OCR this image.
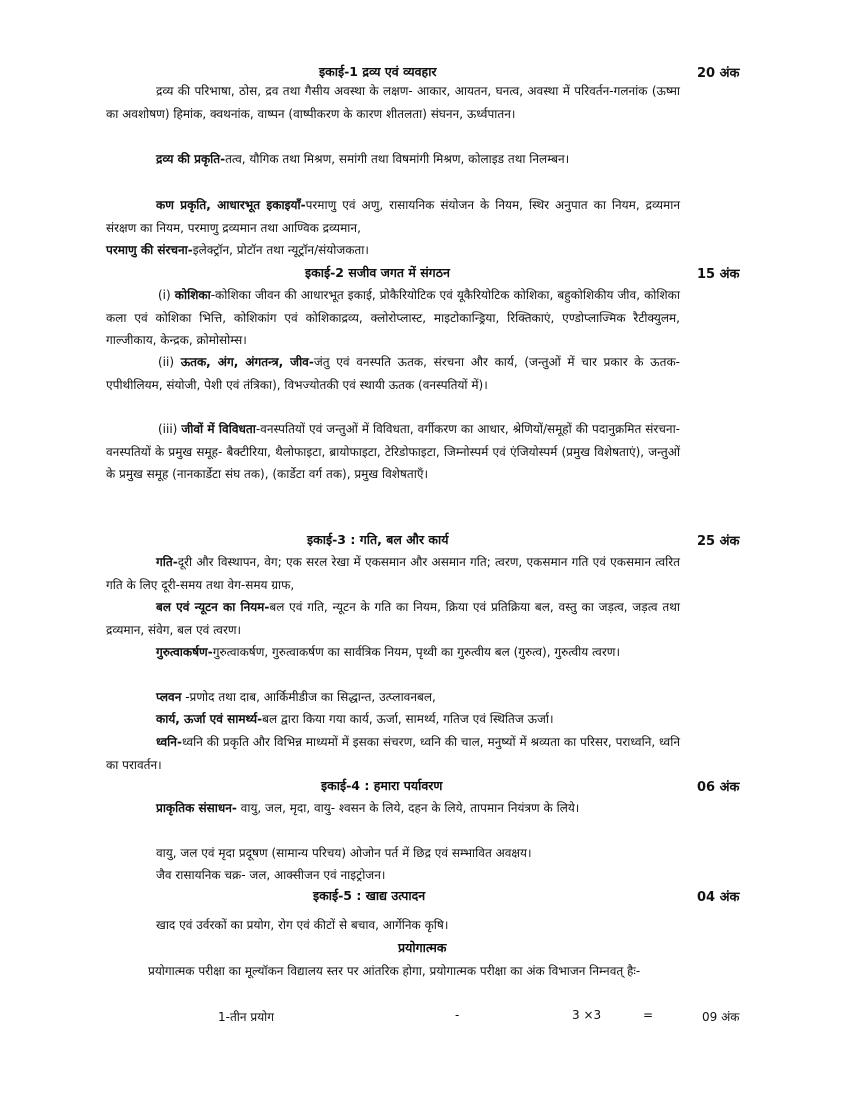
इकाई-1 द्रव्य एवं व्यवहार	20 अंक
द्रव्य की परिभाषा, ठोस, द्रव तथा गैसीय अवस्था के लक्षण- आकार, आयतन, घनत्व, अवस्था में परिवर्तन-गलनांक (ऊष्मा का अवशोषण) हिमांक, क्वथनांक, वाष्पन (वाष्पीकरण के कारण शीतलता) संघनन, ऊर्ध्वपातन।
द्रव्य की प्रकृति-तत्व, यौगिक तथा मिश्रण, समांगी तथा विषमांगी मिश्रण, कोलाइड तथा निलम्बन।
कण प्रकृति, आधारभूत इकाइयाँ-परमाणु एवं अणु, रासायनिक संयोजन के नियम, स्थिर अनुपात का नियम, द्रव्यमान संरक्षण का नियम, परमाणु द्रव्यमान तथा आण्विक द्रव्यमान,
परमाणु की संरचना-इलेक्ट्रॉन, प्रोटॉन तथा न्यूट्रॉन/संयोजकता।
इकाई-2 सजीव जगत में संगठन	15 अंक
(i) कोशिका-कोशिका जीवन की आधारभूत इकाई, प्रोकैरियोटिक एवं यूकैरियोटिक कोशिका, बहुकोशिकीय जीव, कोशिका कला एवं कोशिका भित्ति, कोशिकांग एवं कोशिकाद्रव्य, क्लोरोप्लास्ट, माइटोकान्ड्रिया, रिक्तिकाएं, एण्डोप्लाज्मिक रैटीक्युलम, गाल्जीकाय, केन्द्रक, क्रोमोसोम्स।
(ii) ऊतक, अंग, अंगतन्त्र, जीव-जंतु एवं वनस्पति ऊतक, संरचना और कार्य, (जन्तुओं में चार प्रकार के ऊतक- एपीथीलियम, संयोजी, पेशी एवं तंत्रिका), विभज्योतकी एवं स्थायी ऊतक (वनस्पतियों में)।
(iii) जीवों में विविधता-वनस्पतियों एवं जन्तुओं में विविधता, वर्गीकरण का आधार, श्रेणियों/समूहों की पदानुक्रमित संरचना- वनस्पतियों के प्रमुख समूह- बैक्टीरिया, थैलोफाइटा, ब्रायोफाइटा, टेरिडोफाइटा, जिम्नोस्पर्म एवं एंजियोस्पर्म (प्रमुख विशेषताएं), जन्तुओं के प्रमुख समूह (नानकार्डेटा संघ तक), (कार्डेटा वर्ग तक), प्रमुख विशेषताएँ।
इकाई-3 : गति, बल और कार्य	25 अंक
गति-दूरी और विस्थापन, वेग; एक सरल रेखा में एकसमान और असमान गति; त्वरण, एकसमान गति एवं एकसमान त्वरित गति के लिए दूरी-समय तथा वेग-समय ग्राफ,
बल एवं न्यूटन का नियम-बल एवं गति, न्यूटन के गति का नियम, क्रिया एवं प्रतिक्रिया बल, वस्तु का जड़त्व, जड़त्व तथा द्रव्यमान, संवेग, बल एवं त्वरण।
गुरुत्वाकर्षण-गुरुत्वाकर्षण, गुरुत्वाकर्षण का सार्वत्रिक नियम, पृथ्वी का गुरुत्वीय बल (गुरुत्व), गुरुत्वीय त्वरण।
प्लवन -प्रणोद तथा दाब, आर्किमीडीज का सिद्धान्त, उत्प्लावनबल,
कार्य, ऊर्जा एवं सामर्थ्य-बल द्वारा किया गया कार्य, ऊर्जा, सामर्थ्य, गतिज एवं स्थितिज ऊर्जा।
ध्वनि-ध्वनि की प्रकृति और विभिन्न माध्यमों में इसका संचरण, ध्वनि की चाल, मनुष्यों में श्रव्यता का परिसर, पराध्वनि, ध्वनि का परावर्तन।
इकाई-4 : हमारा पर्यावरण	06 अंक
प्राकृतिक संसाधन- वायु, जल, मृदा, वायु- श्वसन के लिये, दहन के लिये, तापमान नियंत्रण के लिये।
वायु, जल एवं मृदा प्रदूषण (सामान्य परिचय) ओजोन पर्त में छिद्र एवं सम्भावित अवक्षय।
जैव रासायनिक चक्र- जल, आक्सीजन एवं नाइट्रोजन।
इकाई-5 : खाद्य उत्पादन	04 अंक
खाद एवं उर्वरकों का प्रयोग, रोग एवं कीटों से बचाव, आर्गेनिक कृषि।
प्रयोगात्मक
प्रयोगात्मक परीक्षा का मूल्यॉकन विद्यालय स्तर पर आंतरिक होगा, प्रयोगात्मक परीक्षा का अंक विभाजन निम्नवत् हैः-
1-तीन प्रयोग	-	3 ×3	=	09 अंक
